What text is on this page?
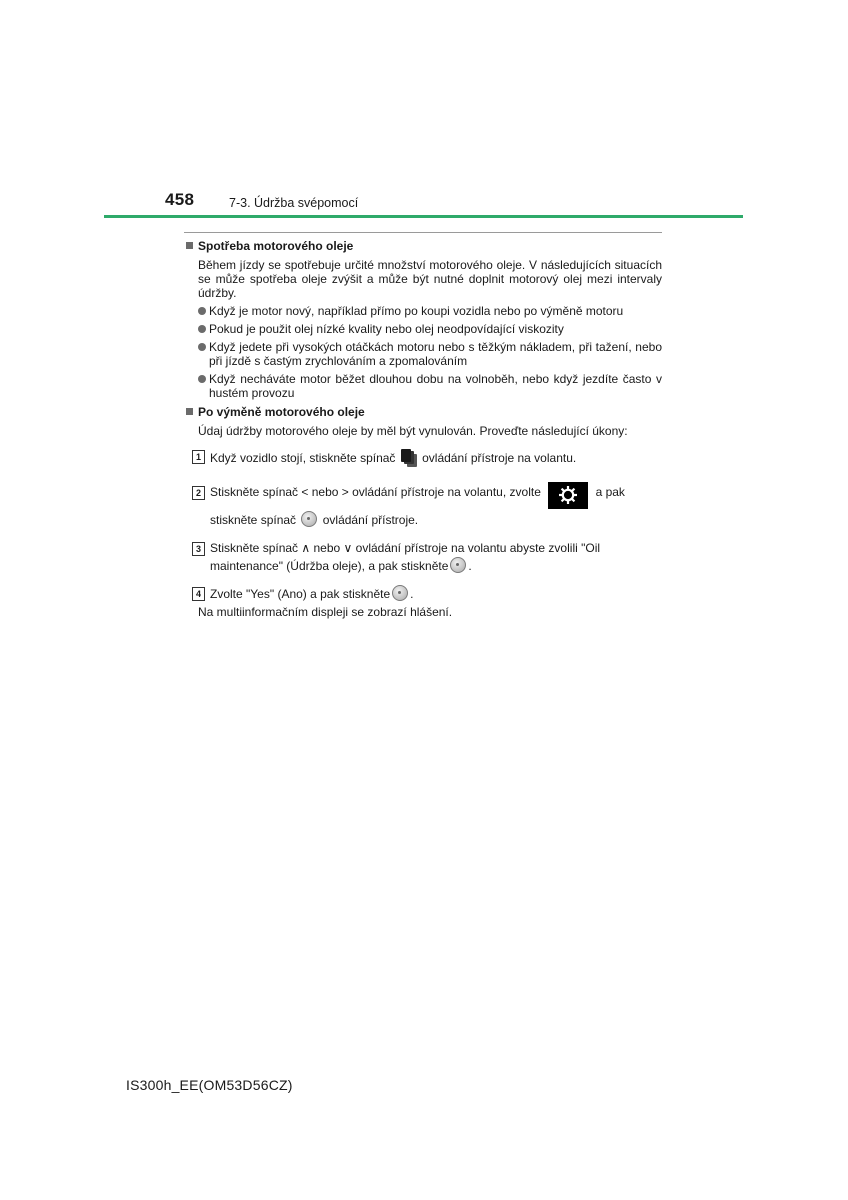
458	7-3. Údržba svépomocí
Spotřeba motorového oleje
Během jízdy se spotřebuje určité množství motorového oleje. V následujících situacích se může spotřeba oleje zvýšit a může být nutné doplnit motorový olej mezi intervaly údržby.
Když je motor nový, například přímo po koupi vozidla nebo po výměně motoru
Pokud je použit olej nízké kvality nebo olej neodpovídající viskozity
Když jedete při vysokých otáčkách motoru nebo s těžkým nákladem, při tažení, nebo při jízdě s častým zrychlováním a zpomalováním
Když necháváte motor běžet dlouhou dobu na volnoběh, nebo když jezdíte často v hustém provozu
Po výměně motorového oleje
Údaj údržby motorového oleje by měl být vynulován. Proveďte následující úkony:
1 Když vozidlo stojí, stiskněte spínač ovládání přístroje na volantu.
2 Stiskněte spínač < nebo > ovládání přístroje na volantu, zvolte	a pak stiskněte spínač ovládání přístroje.
3 Stiskněte spínač ∧ nebo ∨ ovládání přístroje na volantu abyste zvolili "Oil maintenance" (Údržba oleje), a pak stiskněte .
4 Zvolte "Yes" (Ano) a pak stiskněte .
Na multiinformačním displeji se zobrazí hlášení.
IS300h_EE(OM53D56CZ)
